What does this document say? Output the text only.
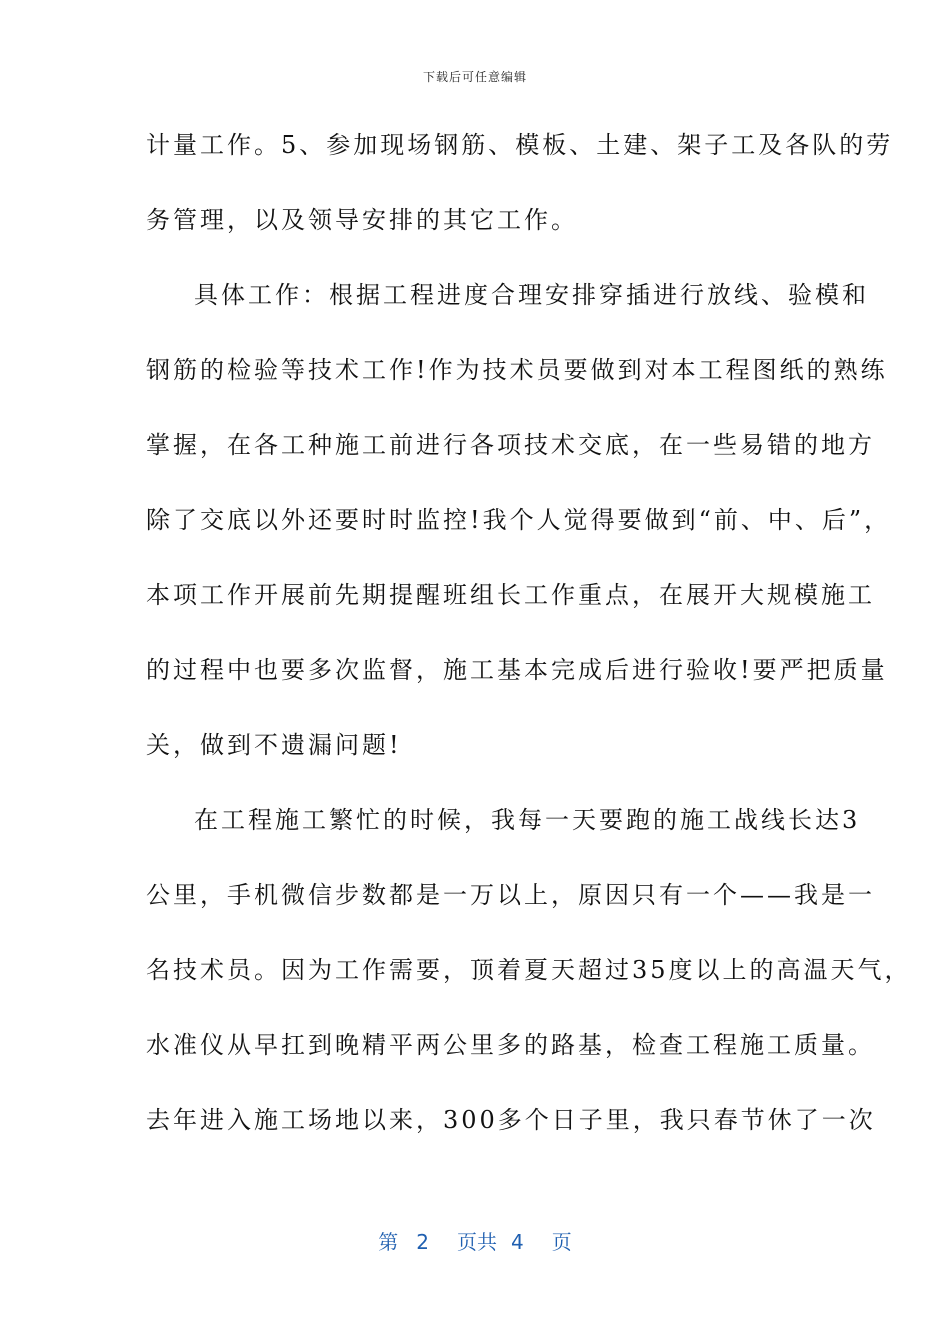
下载后可任意编辑
计量工作。5、参加现场钢筋、模板、土建、架子工及各队的劳
务管理，以及领导安排的其它工作。
具体工作：根据工程进度合理安排穿插进行放线、验模和
钢筋的检验等技术工作!作为技术员要做到对本工程图纸的熟练
掌握，在各工种施工前进行各项技术交底，在一些易错的地方
除了交底以外还要时时监控!我个人觉得要做到“前、中、后”，
本项工作开展前先期提醒班组长工作重点，在展开大规模施工
的过程中也要多次监督，施工基本完成后进行验收!要严把质量
关，做到不遗漏问题!
在工程施工繁忙的时候，我每一天要跑的施工战线长达3
公里，手机微信步数都是一万以上，原因只有一个——我是一
名技术员。因为工作需要，顶着夏天超过35度以上的高温天气，
水准仪从早扛到晚精平两公里多的路基，检查工程施工质量。
去年进入施工场地以来，300多个日子里，我只春节休了一次
第 2 页共 4 页
